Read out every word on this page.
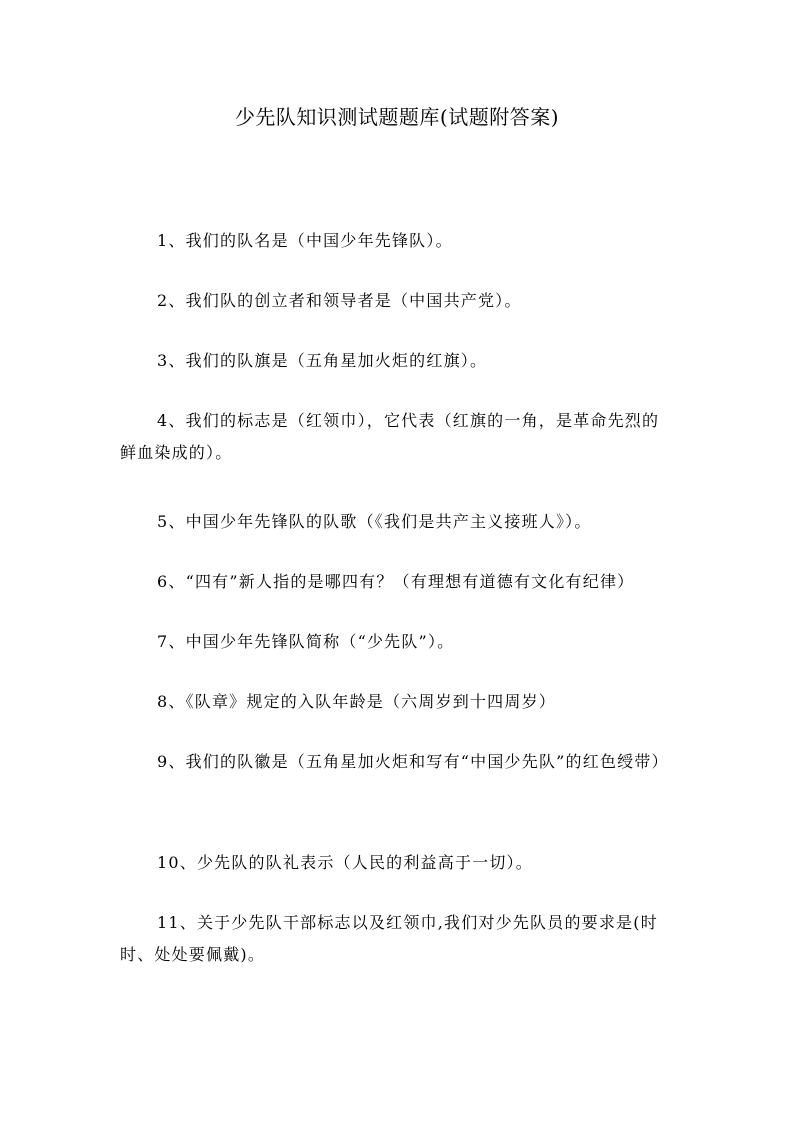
少先队知识测试题题库(试题附答案)

1、我们的队名是（中国少年先锋队）。

2、我们队的创立者和领导者是（中国共产党）。

3、我们的队旗是（五角星加火炬的红旗）。

4、我们的标志是（红领巾），它代表（红旗的一角，是革命先烈的鲜血染成的）。

5、中国少年先锋队的队歌（《我们是共产主义接班人》）。

6、“四有”新人指的是哪四有？（有理想有道德有文化有纪律）

7、中国少年先锋队简称（“少先队”）。

8、《队章》规定的入队年龄是（六周岁到十四周岁）

9、我们的队徽是（五角星加火炬和写有“中国少先队”的红色绶带）

10、少先队的队礼表示（人民的利益高于一切）。

11、关于少先队干部标志以及红领巾,我们对少先队员的要求是(时时、处处要佩戴)。
